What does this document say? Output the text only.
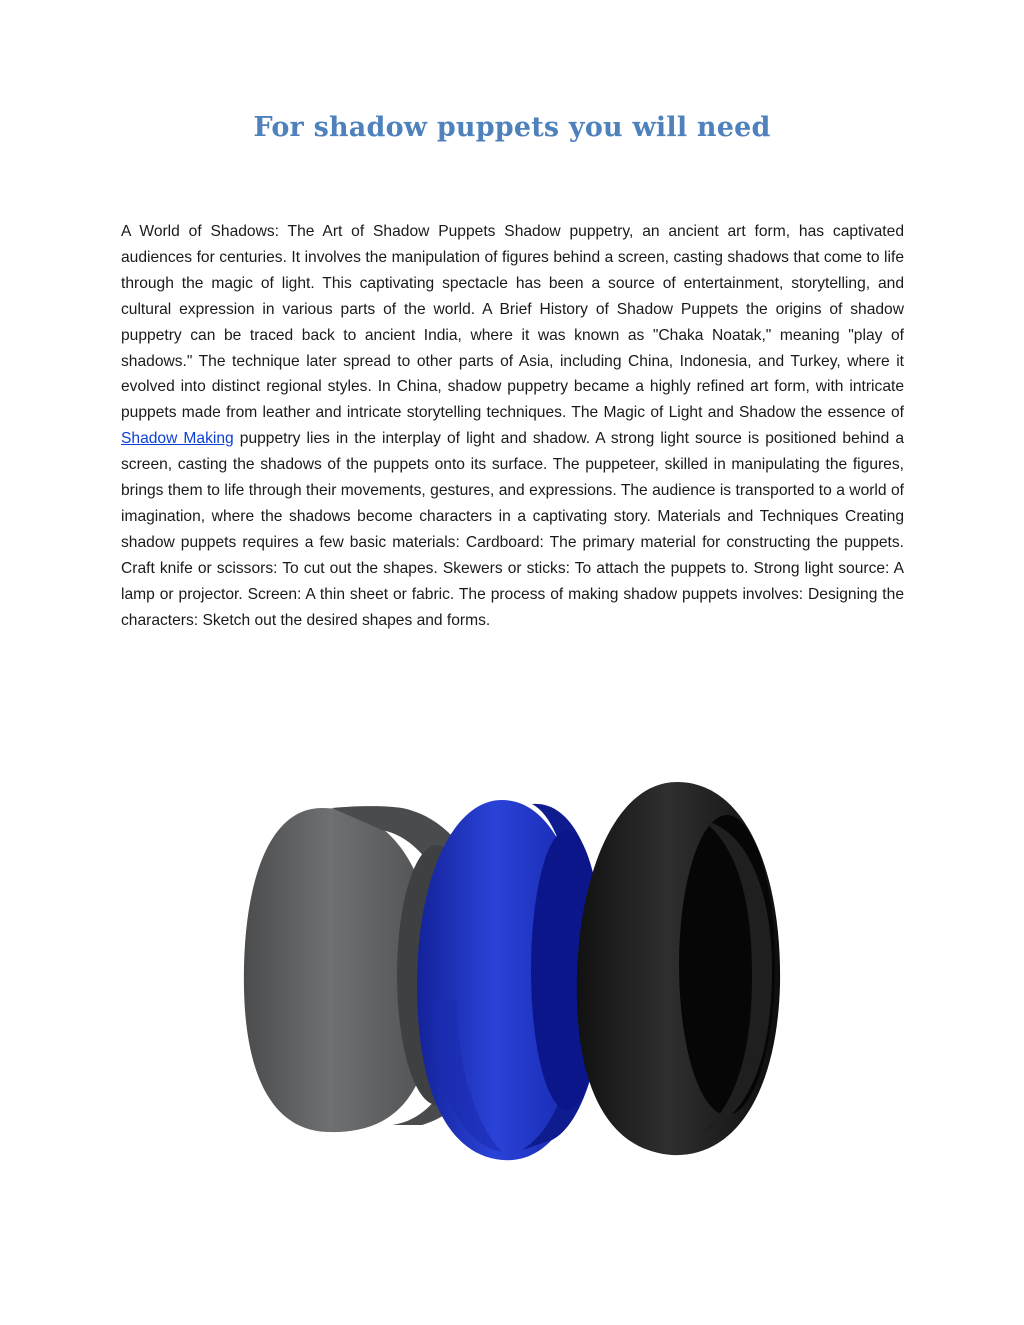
For shadow puppets you will need

A World of Shadows: The Art of Shadow Puppets Shadow puppetry, an ancient art form, has captivated audiences for centuries. It involves the manipulation of figures behind a screen, casting shadows that come to life through the magic of light. This captivating spectacle has been a source of entertainment, storytelling, and cultural expression in various parts of the world. A Brief History of Shadow Puppets the origins of shadow puppetry can be traced back to ancient India, where it was known as "Chaka Noatak," meaning "play of shadows." The technique later spread to other parts of Asia, including China, Indonesia, and Turkey, where it evolved into distinct regional styles. In China, shadow puppetry became a highly refined art form, with intricate puppets made from leather and intricate storytelling techniques. The Magic of Light and Shadow the essence of Shadow Making puppetry lies in the interplay of light and shadow. A strong light source is positioned behind a screen, casting the shadows of the puppets onto its surface. The puppeteer, skilled in manipulating the figures, brings them to life through their movements, gestures, and expressions. The audience is transported to a world of imagination, where the shadows become characters in a captivating story. Materials and Techniques Creating shadow puppets requires a few basic materials: Cardboard: The primary material for constructing the puppets. Craft knife or scissors: To cut out the shapes. Skewers or sticks: To attach the puppets to. Strong light source: A lamp or projector. Screen: A thin sheet or fabric. The process of making shadow puppets involves: Designing the characters: Sketch out the desired shapes and forms.
